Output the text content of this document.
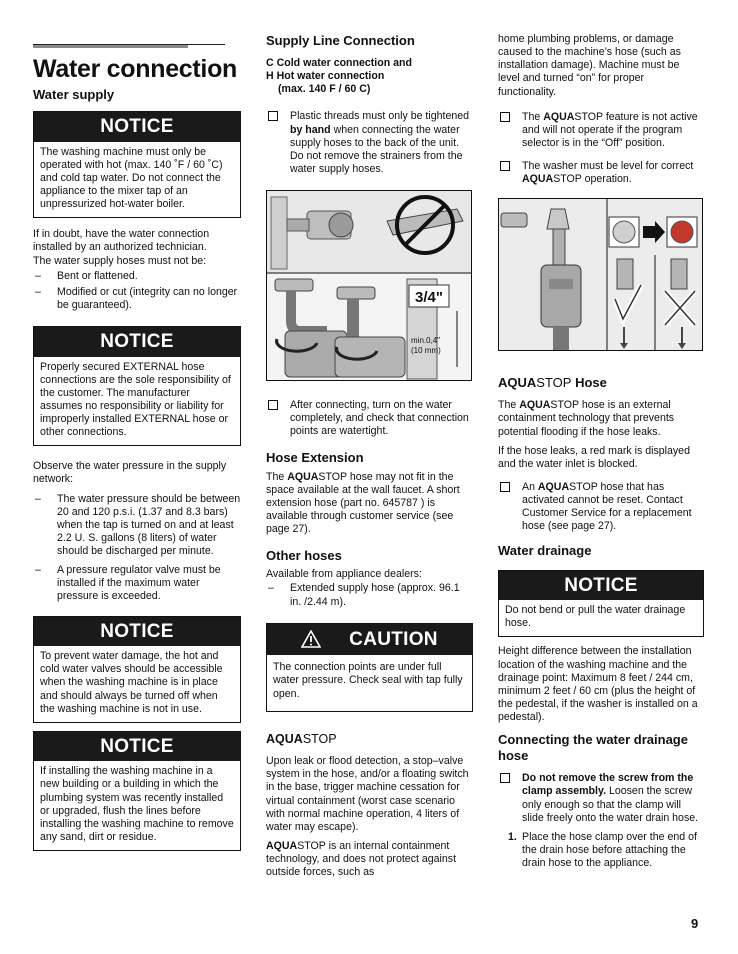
Water connection
Water supply
NOTICE
The washing machine must only be operated with hot (max. 140 ˚F / 60 ˚C) and cold tap water. Do not connect the appliance to the mixer tap of an unpressurized hot-water boiler.
If in doubt, have the water connection installed by an authorized technician.
The water supply hoses must not be:
–	Bent or flattened.
–	Modified or cut (integrity can no longer be guaranteed).
NOTICE
Properly secured EXTERNAL hose connections are the sole responsibility of the customer. The manufacturer assumes no responsibility or liability for improperly installed EXTERNAL hose or other connections.
Observe the water pressure in the supply network:
–	The water pressure should be between 20 and 120 p.s.i. (1.37 and 8.3 bars) when the tap is turned on and at least 2.2 U. S. gallons (8 liters) of water should be discharged per minute.
–	A pressure regulator valve must be installed if the maximum water pressure is exceeded.
NOTICE
To prevent water damage, the hot and cold water valves should be accessible when the washing machine is in place and should always be turned off when the washing machine is not in use.
NOTICE
If installing the washing machine in a new building or a building in which the plumbing system was recently installed or upgraded, flush the lines before installing the washing machine to remove any sand, dirt or residue.
Supply Line Connection
C Cold water connection and
H Hot water connection
(max. 140 F / 60 C)
Plastic threads must only be tightened by hand when connecting the water supply hoses to the back of the unit. Do not remove the strainers from the water supply hoses.
3/4"
min.0,4"
(10 mm)
After connecting, turn on the water completely, and check that connection points are watertight.
Hose Extension
The AQUASTOP hose may not fit in the space available at the wall faucet. A short extension hose (part no. 645787 ) is available through customer service (see page 27).
Other hoses
Available from appliance dealers:
–	Extended supply hose (approx. 96.1 in. /2.44 m).
CAUTION
The connection points are under full water pressure. Check seal with tap fully open.
AQUASTOP
Upon leak or flood detection, a stop–valve system in the hose, and/or a floating switch in the base, trigger machine cessation for virtual containment (worst case scenario with normal machine operation, 4 liters of water may escape).
AQUASTOP is an internal containment technology, and does not protect against outside forces, such as
home plumbing problems, or damage caused to the machine’s hose (such as installation damage). Machine must be level and turned “on” for proper functionality.
The AQUASTOP feature is not active and will not operate if the program selector is in the “Off” position.
The washer must be level for correct AQUASTOP operation.
AQUASTOP Hose
The AQUASTOP hose is an external containment technology that prevents potential flooding if the hose leaks.
If the hose leaks, a red mark is displayed and the water inlet is blocked.
An AQUASTOP hose that has activated cannot be reset. Contact Customer Service for a replacement hose (see page 27).
Water drainage
NOTICE
Do not bend or pull the water drainage hose.
Height difference between the installation location of the washing machine and the drainage point: Maximum 8 feet / 244 cm, minimum 2 feet / 60 cm (plus the height of the pedestal, if the washer is installed on a pedestal).
Connecting the water drainage hose
Do not remove the screw from the clamp assembly. Loosen the screw only enough so that the clamp will slide freely onto the water drain hose.
1. Place the hose clamp over the end of the drain hose before attaching the drain hose to the appliance.
9
